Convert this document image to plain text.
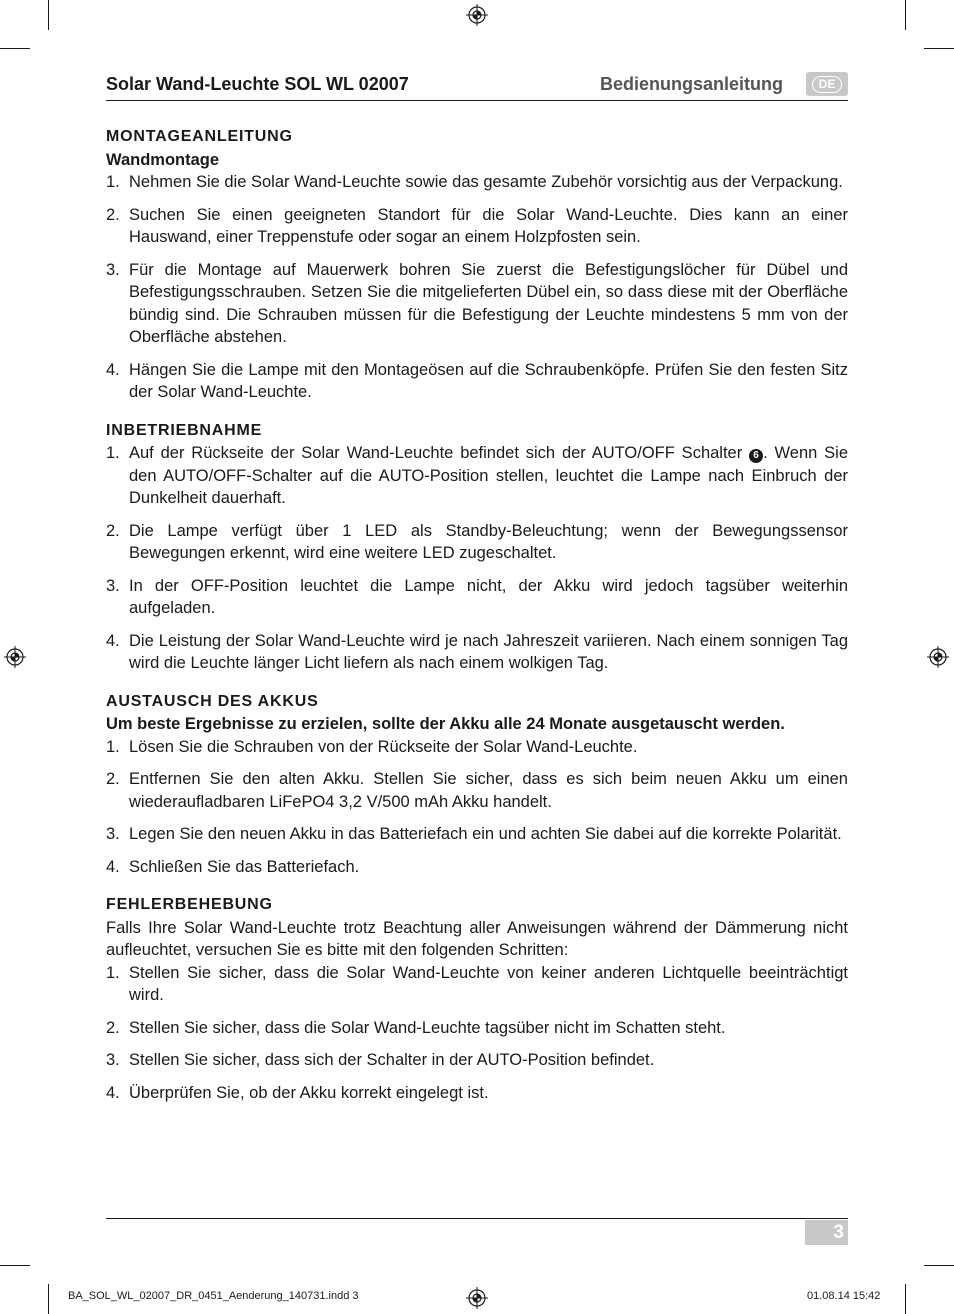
Solar Wand-Leuchte SOL WL 02007	Bedienungsanleitung	DE
MONTAGEANLEITUNG
Wandmontage
1. Nehmen Sie die Solar Wand-Leuchte sowie das gesamte Zubehör vorsichtig aus der Verpackung.
2. Suchen Sie einen geeigneten Standort für die Solar Wand-Leuchte. Dies kann an einer Hauswand, einer Treppenstufe oder sogar an einem Holzpfosten sein.
3. Für die Montage auf Mauerwerk bohren Sie zuerst die Befestigungslöcher für Dübel und Befestigungsschrauben. Setzen Sie die mitgelieferten Dübel ein, so dass diese mit der Oberfläche bündig sind. Die Schrauben müssen für die Befestigung der Leuchte mindestens 5 mm von der Oberfläche abstehen.
4. Hängen Sie die Lampe mit den Montageösen auf die Schraubenköpfe. Prüfen Sie den festen Sitz der Solar Wand-Leuchte.
INBETRIEBNAHME
1. Auf der Rückseite der Solar Wand-Leuchte befindet sich der AUTO/OFF Schalter 6 . Wenn Sie den AUTO/OFF-Schalter auf die AUTO-Position stellen, leuchtet die Lampe nach Einbruch der Dunkelheit dauerhaft.
2. Die Lampe verfügt über 1 LED als Standby-Beleuchtung; wenn der Bewegungssensor Bewegungen erkennt, wird eine weitere LED zugeschaltet.
3. In der OFF-Position leuchtet die Lampe nicht, der Akku wird jedoch tagsüber weiterhin aufgeladen.
4. Die Leistung der Solar Wand-Leuchte wird je nach Jahreszeit variieren. Nach einem sonnigen Tag wird die Leuchte länger Licht liefern als nach einem wolkigen Tag.
AUSTAUSCH DES AKKUS
Um beste Ergebnisse zu erzielen, sollte der Akku alle 24 Monate ausgetauscht werden.
1. Lösen Sie die Schrauben von der Rückseite der Solar Wand-Leuchte.
2. Entfernen Sie den alten Akku. Stellen Sie sicher, dass es sich beim neuen Akku um einen wiederaufladbaren LiFePO4 3,2 V/500 mAh Akku handelt.
3. Legen Sie den neuen Akku in das Batteriefach ein und achten Sie dabei auf die korrekte Polarität.
4. Schließen Sie das Batteriefach.
FEHLERBEHEBUNG
Falls Ihre Solar Wand-Leuchte trotz Beachtung aller Anweisungen während der Dämmerung nicht aufleuchtet, versuchen Sie es bitte mit den folgenden Schritten:
1. Stellen Sie sicher, dass die Solar Wand-Leuchte von keiner anderen Lichtquelle beeinträchtigt wird.
2. Stellen Sie sicher, dass die Solar Wand-Leuchte tagsüber nicht im Schatten steht.
3. Stellen Sie sicher, dass sich der Schalter in der AUTO-Position befindet.
4. Überprüfen Sie, ob der Akku korrekt eingelegt ist.
3
BA_SOL_WL_02007_DR_0451_Aenderung_140731.indd 3	01.08.14 15:42
